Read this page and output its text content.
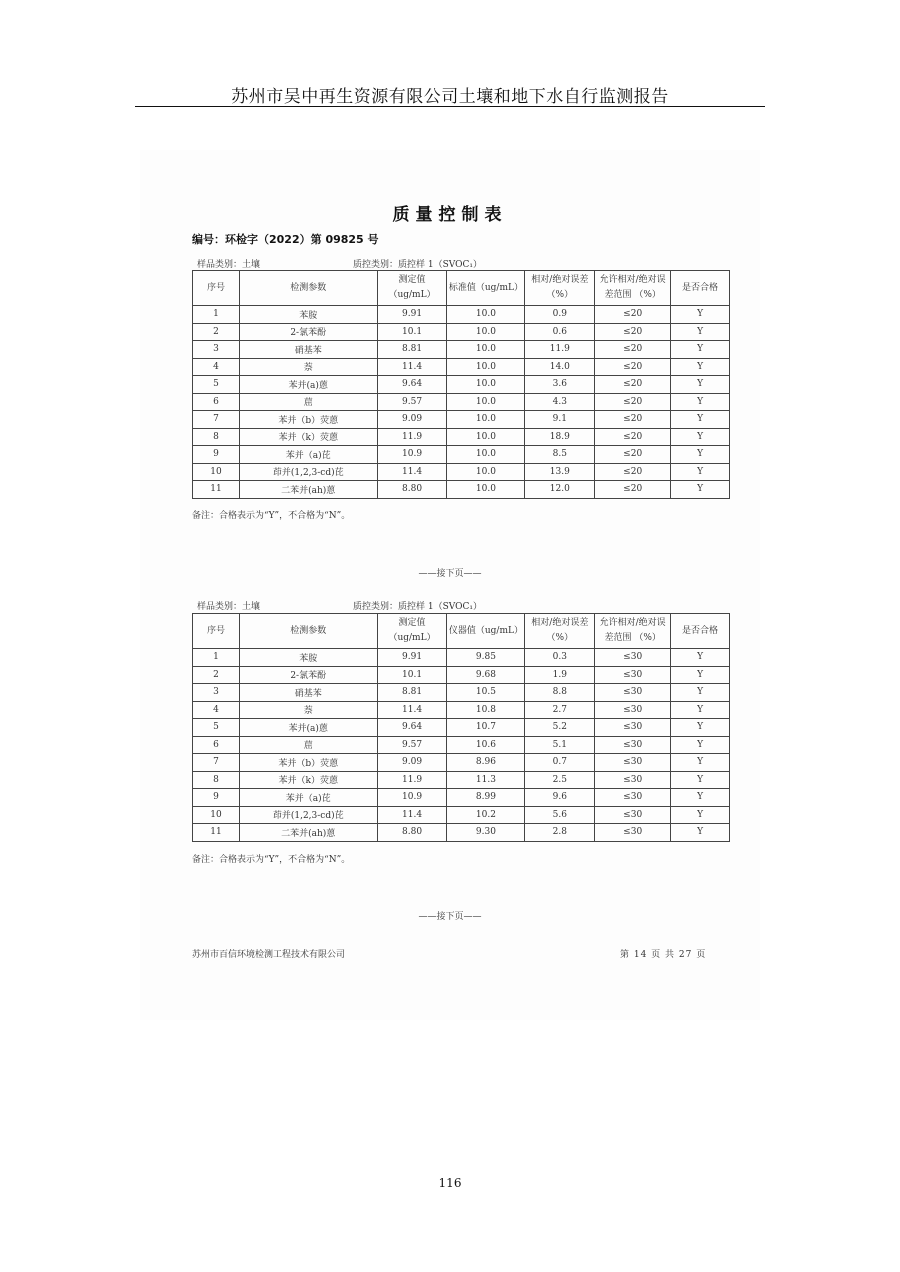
苏州市吴中再生资源有限公司土壤和地下水自行监测报告
质量控制表
编号：环检字（2022）第 09825 号
样品类别：土壤	质控类别：质控样 1（SVOC₁）
序号	检测参数	测定值（ug/mL）	标准值（ug/mL）	相对/绝对误差（%）	允许相对/绝对误差范围 （%）	是否合格
1	苯胺	9.91	10.0	0.9	≤20	Y
2	2-氯苯酚	10.1	10.0	0.6	≤20	Y
3	硝基苯	8.81	10.0	11.9	≤20	Y
4	萘	11.4	10.0	14.0	≤20	Y
5	苯并(a)蒽	9.64	10.0	3.6	≤20	Y
6	䓛	9.57	10.0	4.3	≤20	Y
7	苯并（b）荧蒽	9.09	10.0	9.1	≤20	Y
8	苯并（k）荧蒽	11.9	10.0	18.9	≤20	Y
9	苯并（a)芘	10.9	10.0	8.5	≤20	Y
10	茚并(1,2,3-cd)芘	11.4	10.0	13.9	≤20	Y
11	二苯并(ah)蒽	8.80	10.0	12.0	≤20	Y
备注：合格表示为“Y”，不合格为“N”。
——接下页——
样品类别：土壤	质控类别：质控样 1（SVOC₁）
序号	检测参数	测定值（ug/mL）	仪器值（ug/mL）	相对/绝对误差（%）	允许相对/绝对误差范围 （%）	是否合格
1	苯胺	9.91	9.85	0.3	≤30	Y
2	2-氯苯酚	10.1	9.68	1.9	≤30	Y
3	硝基苯	8.81	10.5	8.8	≤30	Y
4	萘	11.4	10.8	2.7	≤30	Y
5	苯并(a)蒽	9.64	10.7	5.2	≤30	Y
6	䓛	9.57	10.6	5.1	≤30	Y
7	苯并（b）荧蒽	9.09	8.96	0.7	≤30	Y
8	苯并（k）荧蒽	11.9	11.3	2.5	≤30	Y
9	苯并（a)芘	10.9	8.99	9.6	≤30	Y
10	茚并(1,2,3-cd)芘	11.4	10.2	5.6	≤30	Y
11	二苯并(ah)蒽	8.80	9.30	2.8	≤30	Y
备注：合格表示为“Y”，不合格为“N”。
——接下页——
苏州市百信环境检测工程技术有限公司	第 14 页 共 27 页
116
